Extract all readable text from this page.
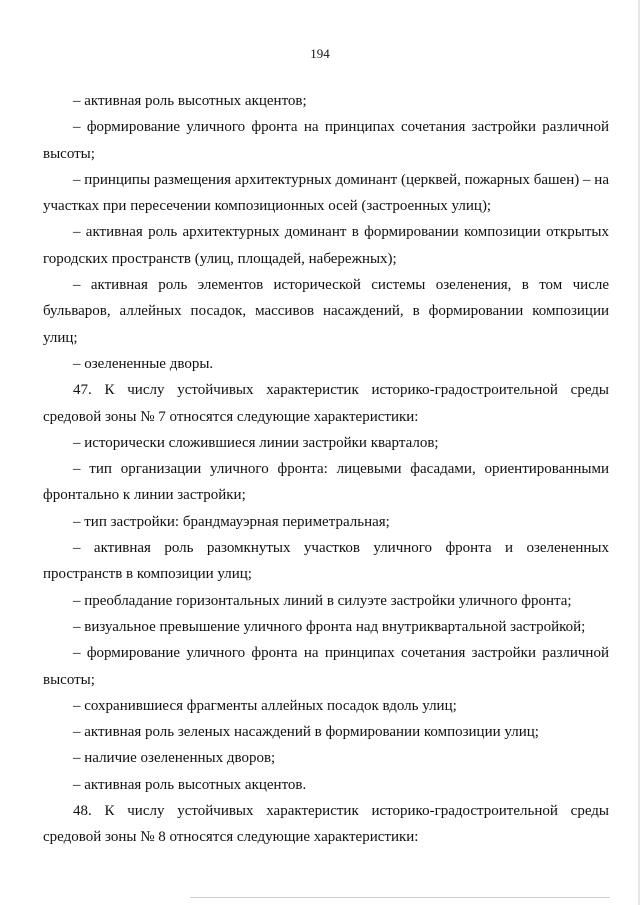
194

– активная роль высотных акцентов;

– формирование уличного фронта на принципах сочетания застройки различной высоты;

– принципы размещения архитектурных доминант (церквей, пожарных башен) – на участках при пересечении композиционных осей (застроенных улиц);

– активная роль архитектурных доминант в формировании композиции открытых городских пространств (улиц, площадей, набережных);

– активная роль элементов исторической системы озеленения, в том числе бульваров, аллейных посадок, массивов насаждений, в формировании композиции улиц;

– озелененные дворы.

47. К числу устойчивых характеристик историко-градостроительной среды средовой зоны № 7 относятся следующие характеристики:

– исторически сложившиеся линии застройки кварталов;

– тип организации уличного фронта: лицевыми фасадами, ориентированными фронтально к линии застройки;

– тип застройки: брандмауэрная периметральная;

– активная роль разомкнутых участков уличного фронта и озелененных пространств в композиции улиц;

– преобладание горизонтальных линий в силуэте застройки уличного фронта;

– визуальное превышение уличного фронта над внутриквартальной застройкой;

– формирование уличного фронта на принципах сочетания застройки различной высоты;

– сохранившиеся фрагменты аллейных посадок вдоль улиц;

– активная роль зеленых насаждений в формировании композиции улиц;

– наличие озелененных дворов;

– активная роль высотных акцентов.

48. К числу устойчивых характеристик историко-градостроительной среды средовой зоны № 8 относятся следующие характеристики:
